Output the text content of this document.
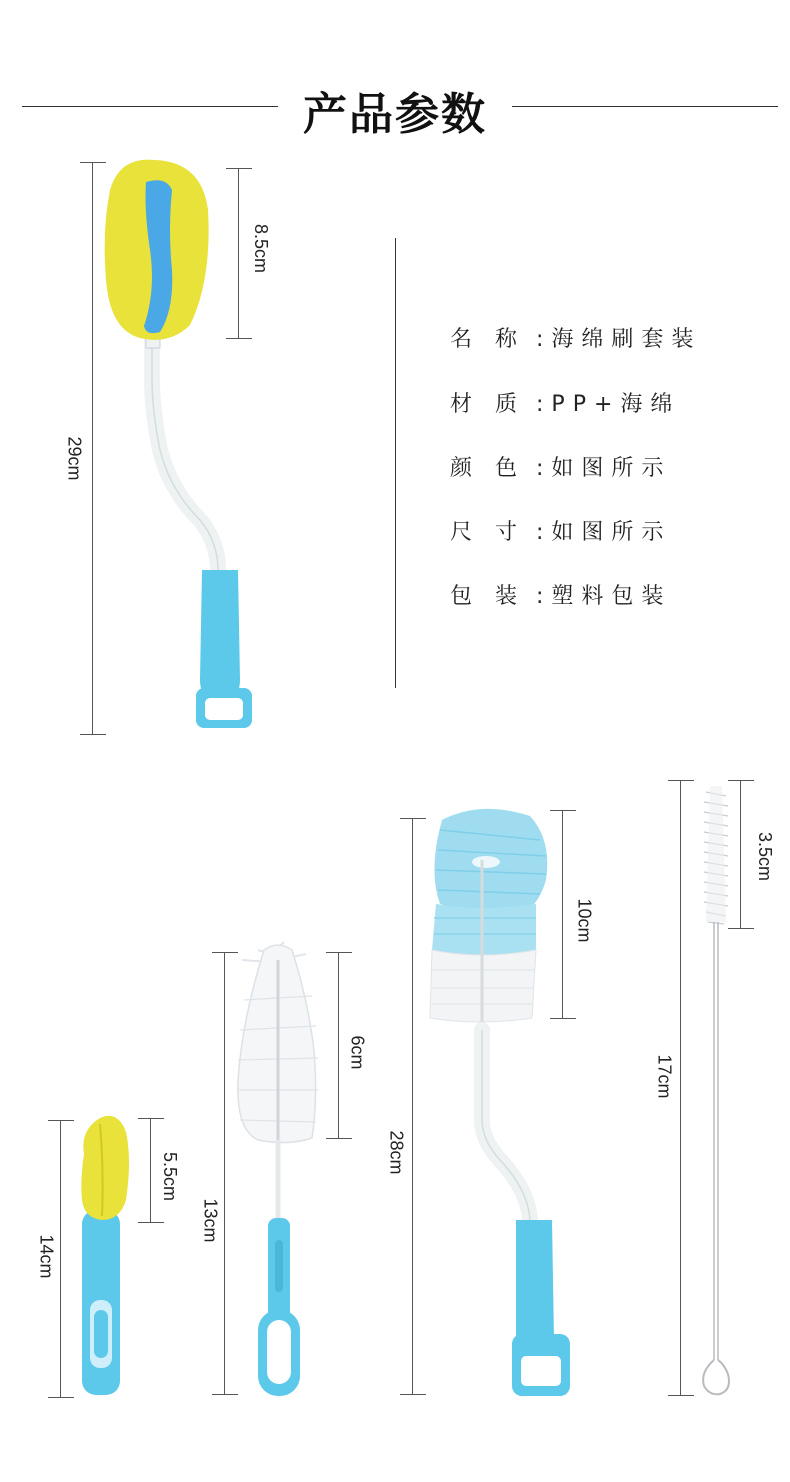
产品参数
名 称 :海绵刷套装
材 质 :PP+海绵
颜 色 :如图所示
尺 寸 :如图所示
包 装 :塑料包装
29cm
8.5cm
14cm
5.5cm
13cm
6cm
28cm
10cm
17cm
3.5cm
